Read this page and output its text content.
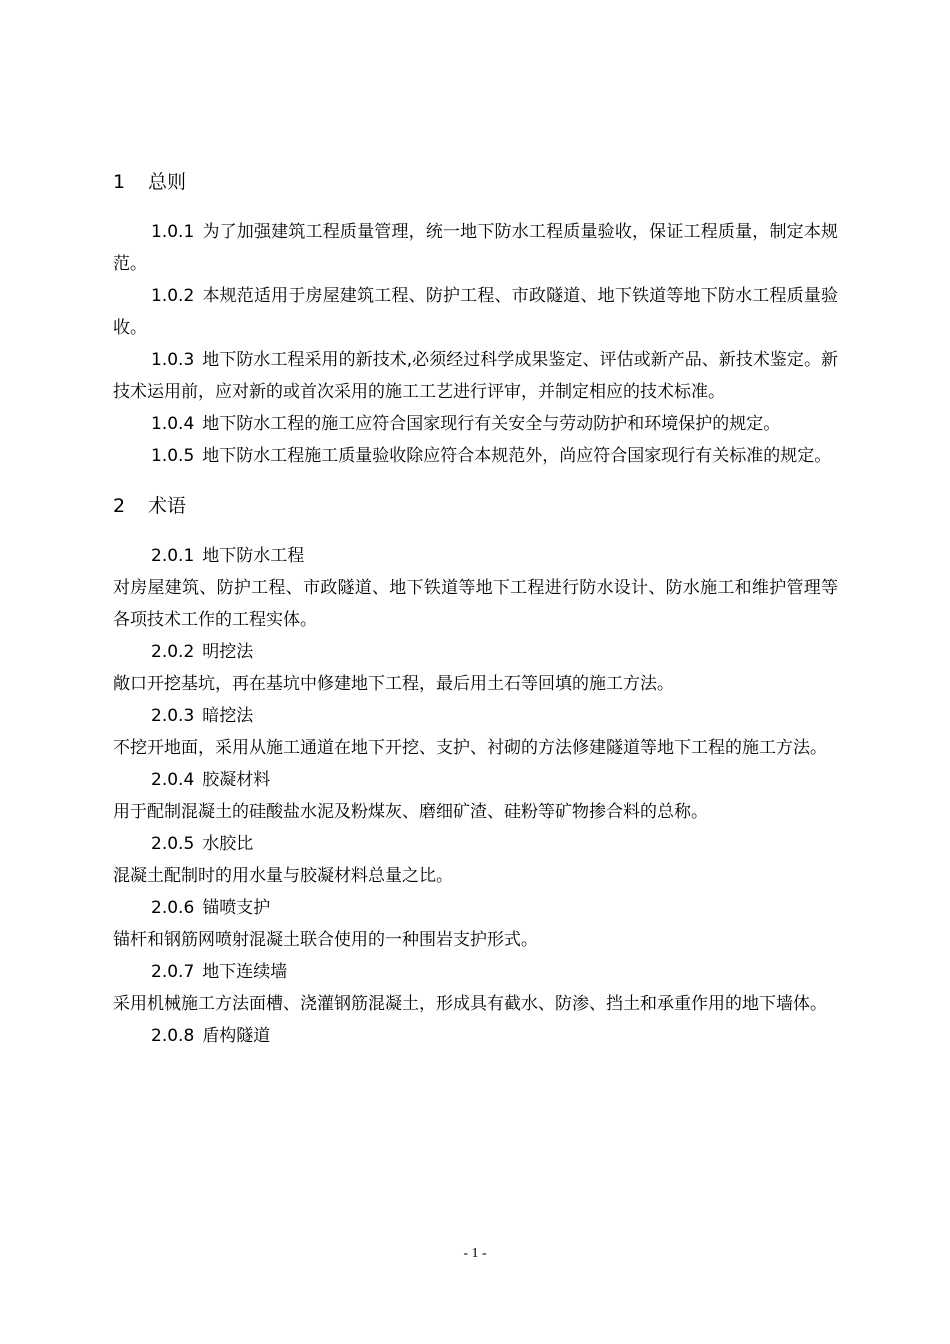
1 总则

1.0.1 为了加强建筑工程质量管理，统一地下防水工程质量验收，保证工程质量，制定本规范。

1.0.2 本规范适用于房屋建筑工程、防护工程、市政隧道、地下铁道等地下防水工程质量验收。

1.0.3 地下防水工程采用的新技术,必须经过科学成果鉴定、评估或新产品、新技术鉴定。新技术运用前，应对新的或首次采用的施工工艺进行评审，并制定相应的技术标准。

1.0.4 地下防水工程的施工应符合国家现行有关安全与劳动防护和环境保护的规定。

1.0.5 地下防水工程施工质量验收除应符合本规范外，尚应符合国家现行有关标准的规定。

2 术语

2.0.1 地下防水工程

对房屋建筑、防护工程、市政隧道、地下铁道等地下工程进行防水设计、防水施工和维护管理等各项技术工作的工程实体。

2.0.2 明挖法

敞口开挖基坑，再在基坑中修建地下工程，最后用土石等回填的施工方法。

2.0.3 暗挖法

不挖开地面，采用从施工通道在地下开挖、支护、衬砌的方法修建隧道等地下工程的施工方法。

2.0.4 胶凝材料

用于配制混凝土的硅酸盐水泥及粉煤灰、磨细矿渣、硅粉等矿物掺合料的总称。

2.0.5 水胶比

混凝土配制时的用水量与胶凝材料总量之比。

2.0.6 锚喷支护

锚杆和钢筋网喷射混凝土联合使用的一种围岩支护形式。

2.0.7 地下连续墙

采用机械施工方法面槽、浇灌钢筋混凝土，形成具有截水、防渗、挡土和承重作用的地下墙体。

2.0.8 盾构隧道

- 1 -
